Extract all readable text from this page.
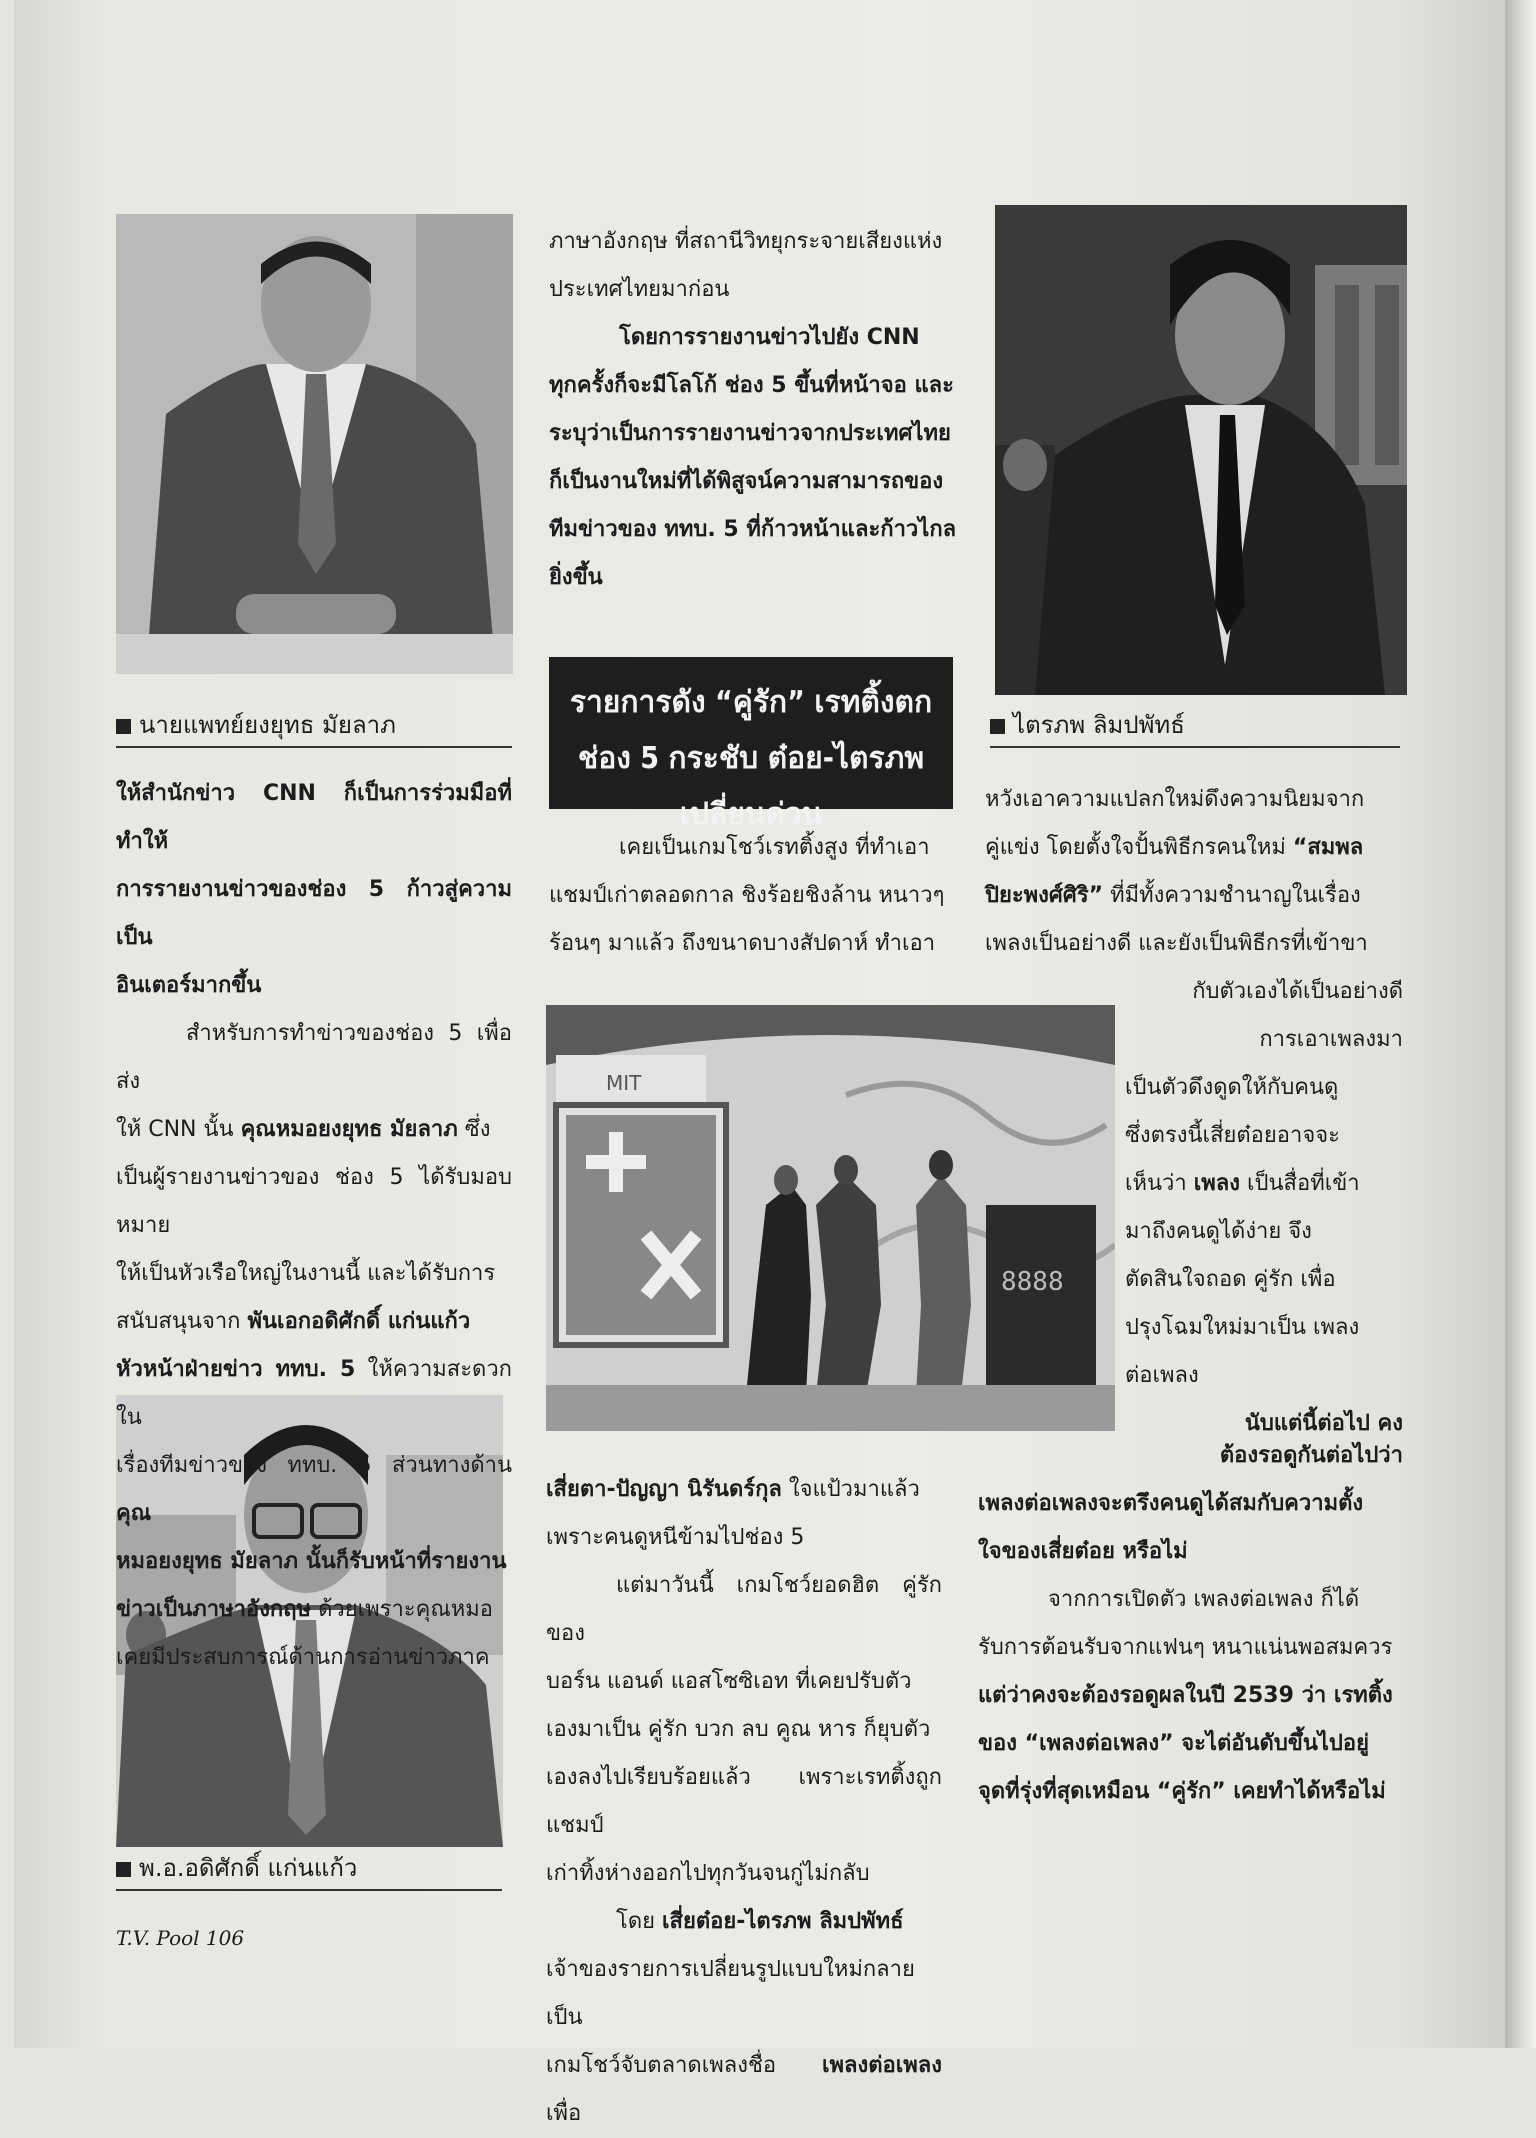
นายแพทย์ยงยุทธ มัยลาภ	ไตรภพ ลิมปพัทธ์
พ.อ.อดิศักดิ์ แก่นแก้ว
MIT
8888
รายการดัง “คู่รัก” เรทติ้งตก
ช่อง 5 กระชับ ต๋อย-ไตรภพ เปลี่ยนด่วน

ภาษาอังกฤษ ที่สถานีวิทยุกระจายเสียงแห่ง

ประเทศไทยมาก่อน

โดยการรายงานข่าวไปยัง CNN

ทุกครั้งก็จะมีโลโก้ ช่อง 5 ขึ้นที่หน้าจอ และ

ระบุว่าเป็นการรายงานข่าวจากประเทศไทย

ก็เป็นงานใหม่ที่ได้พิสูจน์ความสามารถของ

ทีมข่าวของ ททบ. 5 ที่ก้าวหน้าและก้าวไกล

ยิ่งขึ้น

ให้สำนักข่าว CNN ก็เป็นการร่วมมือที่ทำให้

การรายงานข่าวของช่อง 5 ก้าวสู่ความเป็น

อินเตอร์มากขึ้น

สำหรับการทำข่าวของช่อง 5 เพื่อส่ง

ให้ CNN นั้น คุณหมอยงยุทธ มัยลาภ ซึ่ง

เป็นผู้รายงานข่าวของ ช่อง 5 ได้รับมอบหมาย

ให้เป็นหัวเรือใหญ่ในงานนี้ และได้รับการ

สนับสนุนจาก พันเอกอดิศักดิ์ แก่นแก้ว

หัวหน้าฝ่ายข่าว ททบ. 5 ให้ความสะดวกใน

เรื่องทีมข่าวของ ททบ. 5 ส่วนทางด้าน คุณ

หมอยงยุทธ มัยลาภ นั้นก็รับหน้าที่รายงาน

ข่าวเป็นภาษาอังกฤษ ด้วยเพราะคุณหมอ

เคยมีประสบการณ์ด้านการอ่านข่าวภาค

เคยเป็นเกมโชว์เรทติ้งสูง ที่ทำเอา

แชมป์เก่าตลอดกาล ชิงร้อยชิงล้าน หนาวๆ

ร้อนๆ มาแล้ว ถึงขนาดบางสัปดาห์ ทำเอา

เสี่ยตา-ปัญญา นิรันดร์กุล ใจแป้วมาแล้ว

เพราะคนดูหนีข้ามไปช่อง 5

แต่มาวันนี้ เกมโชว์ยอดฮิต คู่รัก ของ

บอร์น แอนด์ แอสโซซิเอท ที่เคยปรับตัว

เองมาเป็น คู่รัก บวก ลบ คูณ หาร ก็ยุบตัว

เองลงไปเรียบร้อยแล้ว เพราะเรทติ้งถูกแชมป์

เก่าทิ้งห่างออกไปทุกวันจนกู่ไม่กลับ

โดย เสี่ยต๋อย-ไตรภพ ลิมปพัทธ์

เจ้าของรายการเปลี่ยนรูปแบบใหม่กลายเป็น

เกมโชว์จับตลาดเพลงชื่อ เพลงต่อเพลง เพื่อ

หวังเอาความแปลกใหม่ดึงความนิยมจาก

คู่แข่ง โดยตั้งใจปั้นพิธีกรคนใหม่ “สมพล

ปิยะพงศ์ศิริ” ที่มีทั้งความชำนาญในเรื่อง

เพลงเป็นอย่างดี และยังเป็นพิธีกรที่เข้าขา

กับตัวเองได้เป็นอย่างดี

การเอาเพลงมา

เป็นตัวดึงดูดให้กับคนดู

ซึ่งตรงนี้เสี่ยต๋อยอาจจะ

เห็นว่า เพลง เป็นสื่อที่เข้า

มาถึงคนดูได้ง่าย จึง

ตัดสินใจถอด คู่รัก เพื่อ

ปรุงโฉมใหม่มาเป็น เพลง

ต่อเพลง

นับแต่นี้ต่อไป คง

ต้องรอดูกันต่อไปว่า

เพลงต่อเพลงจะตรึงคนดูได้สมกับความตั้ง

ใจของเสี่ยต๋อย หรือไม่

จากการเปิดตัว เพลงต่อเพลง ก็ได้

รับการต้อนรับจากแฟนๆ หนาแน่นพอสมควร

แต่ว่าคงจะต้องรอดูผลในปี 2539 ว่า เรทติ้ง

ของ “เพลงต่อเพลง” จะไต่อันดับขึ้นไปอยู่

จุดที่รุ่งที่สุดเหมือน “คู่รัก” เคยทำได้หรือไม่

T.V. Pool 106
